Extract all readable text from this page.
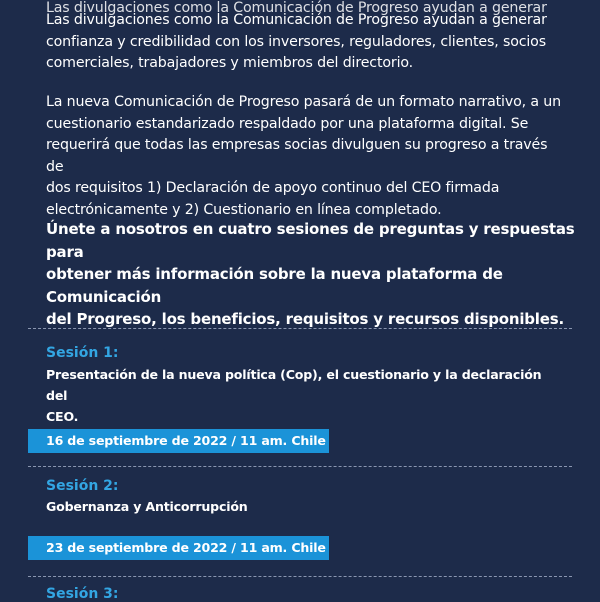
Las divulgaciones como la Comunicación de Progreso ayudan a generar
Las divulgaciones como la Comunicación de Progreso ayudan a generar
confianza y credibilidad con los inversores, reguladores, clientes, socios
comerciales, trabajadores y miembros del directorio.
La nueva Comunicación de Progreso pasará de un formato narrativo, a un
cuestionario estandarizado respaldado por una plataforma digital. Se
requerirá que todas las empresas socias divulguen su progreso a través de
dos requisitos 1) Declaración de apoyo continuo del CEO firmada
electrónicamente y 2) Cuestionario en línea completado.
Únete a nosotros en cuatro sesiones de preguntas y respuestas para
obtener más información sobre la nueva plataforma de Comunicación
del Progreso, los beneficios, requisitos y recursos disponibles.
Sesión 1:
Presentación de la nueva política (Cop), el cuestionario y la declaración del
CEO.
16 de septiembre de 2022 / 11 am. Chile
Sesión 2:
Gobernanza y Anticorrupción
23 de septiembre de 2022 / 11 am. Chile
Sesión 3:
